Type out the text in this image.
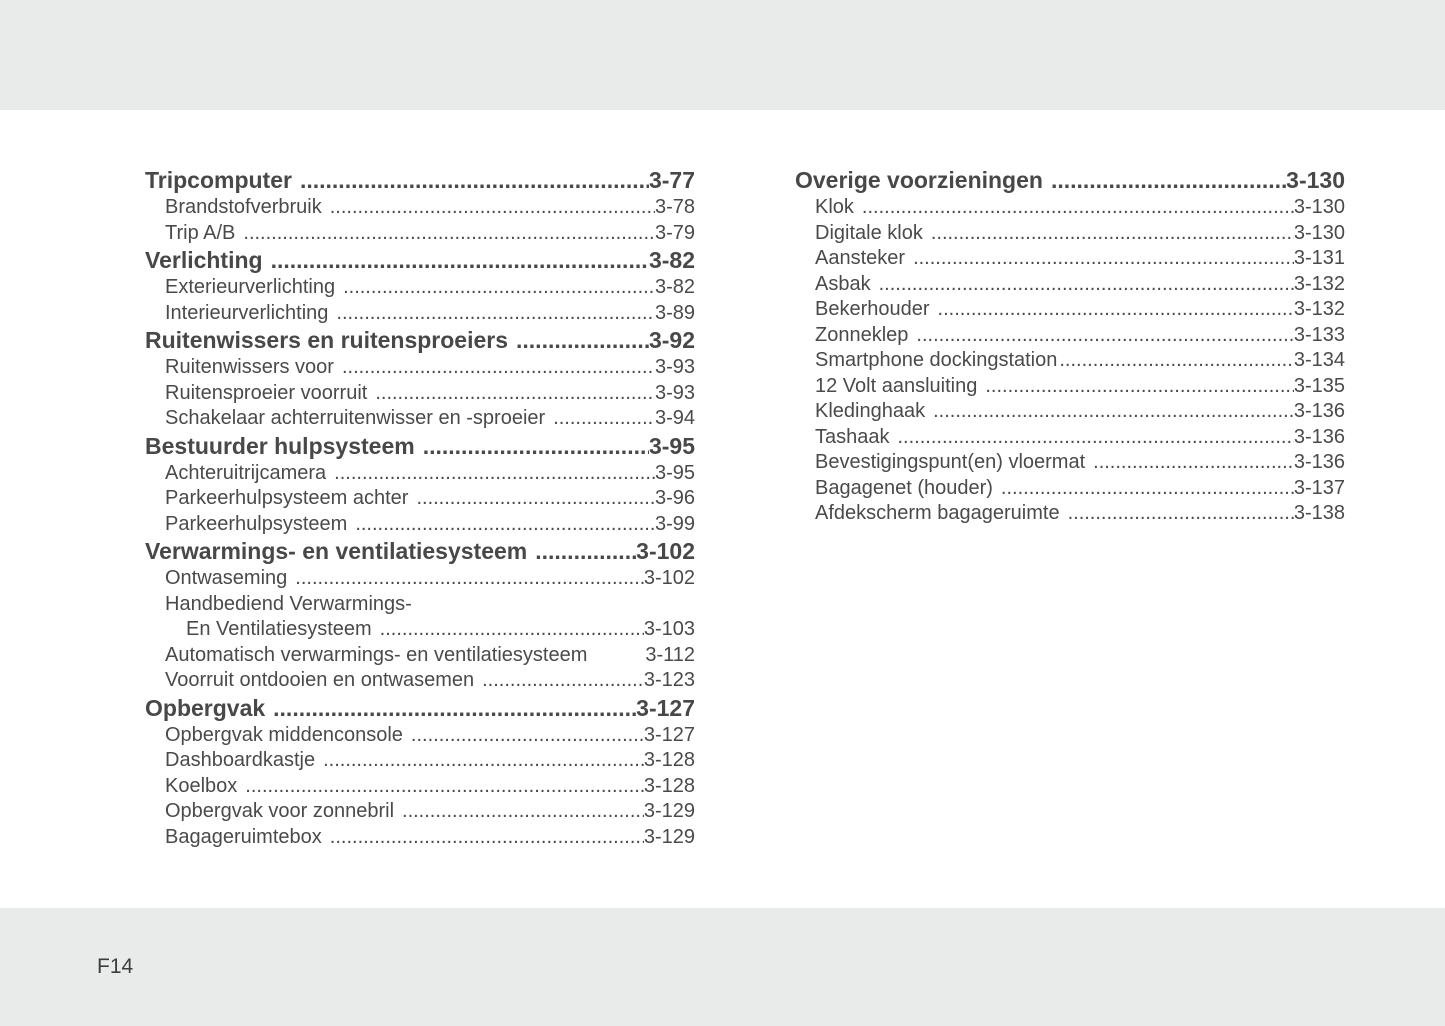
Tripcomputer .....	3-77
Brandstofverbruik .....	3-78
Trip A/B .....	3-79
Verlichting .....	3-82
Exterieurverlichting .....	3-82
Interieurverlichting .....	3-89
Ruitenwissers en ruitensproeiers .....	3-92
Ruitenwissers voor .....	3-93
Ruitensproeier voorruit .....	3-93
Schakelaar achterruitenwisser en -sproeier .....	3-94
Bestuurder hulpsysteem .....	3-95
Achteruitrijcamera .....	3-95
Parkeerhulpsysteem achter .....	3-96
Parkeerhulpsysteem .....	3-99
Verwarmings- en ventilatiesysteem .....	3-102
Ontwaseming .....	3-102
Handbediend Verwarmings-
En Ventilatiesysteem .....	3-103
Automatisch verwarmings- en ventilatiesysteem	3-112
Voorruit ontdooien en ontwasemen .....	3-123
Opbergvak .....	3-127
Opbergvak middenconsole .....	3-127
Dashboardkastje .....	3-128
Koelbox .....	3-128
Opbergvak voor zonnebril .....	3-129
Bagageruimtebox .....	3-129
Overige voorzieningen .....	3-130
Klok .....	3-130
Digitale klok .....	3-130
Aansteker .....	3-131
Asbak .....	3-132
Bekerhouder .....	3-132
Zonneklep .....	3-133
Smartphone dockingstation .....	3-134
12 Volt aansluiting .....	3-135
Kledinghaak .....	3-136
Tashaak .....	3-136
Bevestigingspunt(en) vloermat .....	3-136
Bagagenet (houder) .....	3-137
Afdekscherm bagageruimte .....	3-138
F14
